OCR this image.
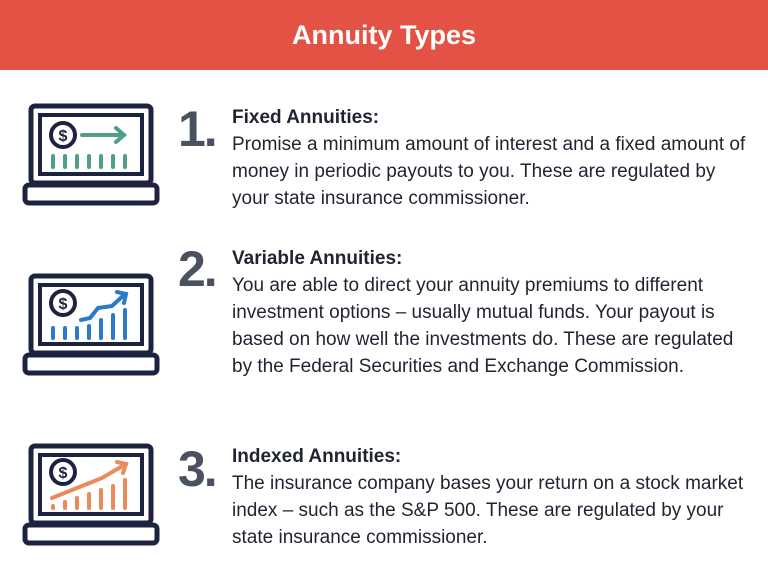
Annuity Types
$ 1. Fixed Annuities:
Promise a minimum amount of interest and a fixed amount of money in periodic payouts to you. These are regulated by your state insurance commissioner.
$
2. Variable Annuities:
You are able to direct your annuity premiums to different investment options – usually mutual funds. Your payout is based on how well the investments do. These are regulated by the Federal Securities and Exchange Commission.
$ 3. Indexed Annuities:
The insurance company bases your return on a stock market index – such as the S&P 500. These are regulated by your state insurance commissioner.
